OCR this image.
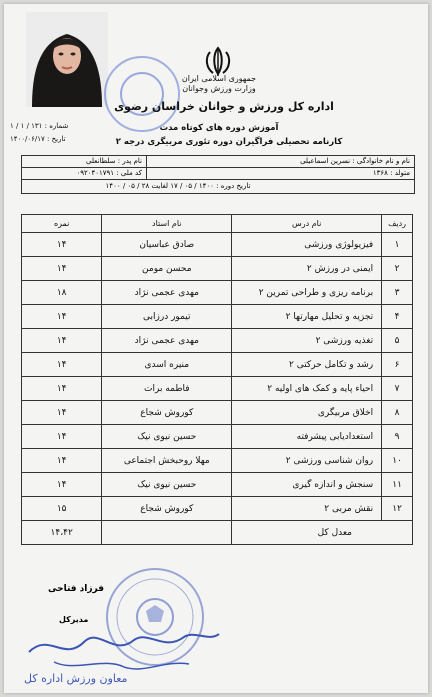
جمهوری اسلامی ایران
وزارت ورزش وجوانان
اداره کل ورزش و جوانان خراسان رضوی
آموزش دوره های کوتاه مدت
کارنامه تحصیلی فراگیران دوره تئوری مربیگری درجه ۲
شماره : ۱۳۱ / ۱ / ۱
تاریخ : ۱۴۰۰/۰۶/۱۷
نام و نام خانوادگی : نسرین اسماعیلی
نام پدر : سلطانعلی
متولد : ۱۳۶۸
کد ملی : ۰۹۲۰۴۰۱۷۹۱
تاریخ دوره : ۱۴۰۰ / ۰۵ / ۱۷ لغایت ۲۸ / ۰۵ / ۱۴۰۰
ردیف	نام درس	نام استاد	نمره
۱	فیزیولوژی ورزشی	صادق عباسیان	۱۴
۲	ایمنی در ورزش ۲	محسن مومن	۱۴
۳	برنامه ریزی و طراحی تمرین ۲	مهدی عجمی نژاد	۱۸
۴	تجزیه و تحلیل مهارتها ۲	تیمور درزابی	۱۴
۵	تغذیه ورزشی ۲	مهدی عجمی نژاد	۱۴
۶	رشد و تکامل حرکتی ۲	منیره اسدی	۱۴
۷	احیاء پایه و کمک های اولیه ۲	فاطمه برات	۱۴
۸	اخلاق مربیگری	کوروش شجاع	۱۴
۹	استعدادیابی پیشرفته	حسین نیوی نیک	۱۴
۱۰	روان شناسی ورزشی ۲	مهلا روحبخش اجتماعی	۱۴
۱۱	سنجش و اندازه گیری	حسین نیوی نیک	۱۴
۱۲	نقش مربی ۲	کوروش شجاع	۱۵
معدل کل			۱۴،۴۲
فرزاد فتاحی
مدیرکل
معاون ورزش اداره کل
